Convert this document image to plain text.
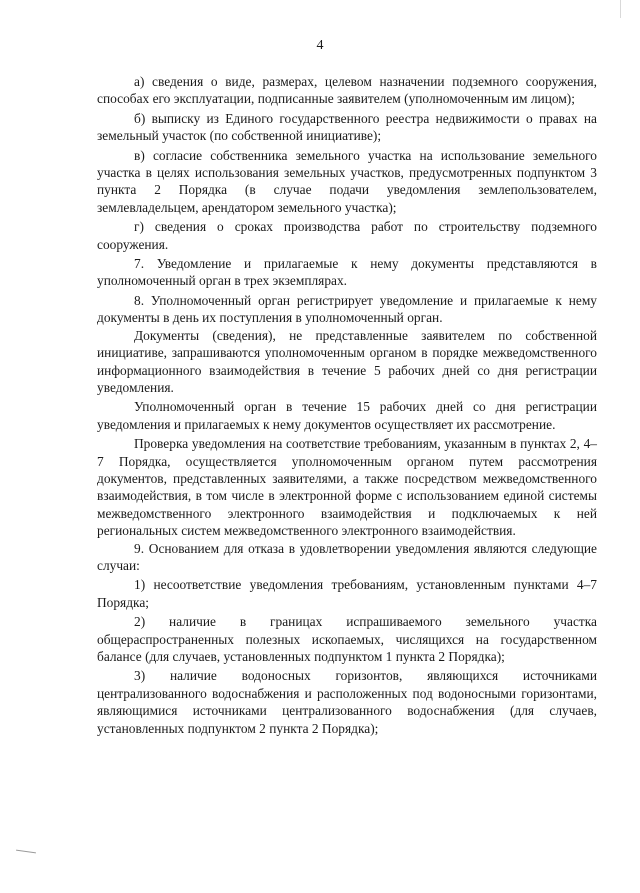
4

а) сведения о виде, размерах, целевом назначении подземного сооружения, способах его эксплуатации, подписанные заявителем (уполномоченным им лицом);

б) выписку из Единого государственного реестра недвижимости о правах на земельный участок (по собственной инициативе);

в) согласие собственника земельного участка на использование земельного участка в целях использования земельных участков, предусмотренных подпунктом 3 пункта 2 Порядка (в случае подачи уведомления землепользователем, землевладельцем, арендатором земельного участка);

г) сведения о сроках производства работ по строительству подземного сооружения.

7. Уведомление и прилагаемые к нему документы представляются в уполномоченный орган в трех экземплярах.

8. Уполномоченный орган регистрирует уведомление и прилагаемые к нему документы в день их поступления в уполномоченный орган.

Документы (сведения), не представленные заявителем по собственной инициативе, запрашиваются уполномоченным органом в порядке межведомственного информационного взаимодействия в течение 5 рабочих дней со дня регистрации уведомления.

Уполномоченный орган в течение 15 рабочих дней со дня регистрации уведомления и прилагаемых к нему документов осуществляет их рассмотрение.

Проверка уведомления на соответствие требованиям, указанным в пунктах 2, 4–7 Порядка, осуществляется уполномоченным органом путем рассмотрения документов, представленных заявителями, а также посредством межведомственного взаимодействия, в том числе в электронной форме с использованием единой системы межведомственного электронного взаимодействия и подключаемых к ней региональных систем межведомственного электронного взаимодействия.

9. Основанием для отказа в удовлетворении уведомления являются следующие случаи:

1) несоответствие уведомления требованиям, установленным пунктами 4–7 Порядка;

2) наличие в границах испрашиваемого земельного участка общераспространенных полезных ископаемых, числящихся на государственном балансе (для случаев, установленных подпунктом 1 пункта 2 Порядка);

3) наличие водоносных горизонтов, являющихся источниками централизованного водоснабжения и расположенных под водоносными горизонтами, являющимися источниками централизованного водоснабжения (для случаев, установленных подпунктом 2 пункта 2 Порядка);
